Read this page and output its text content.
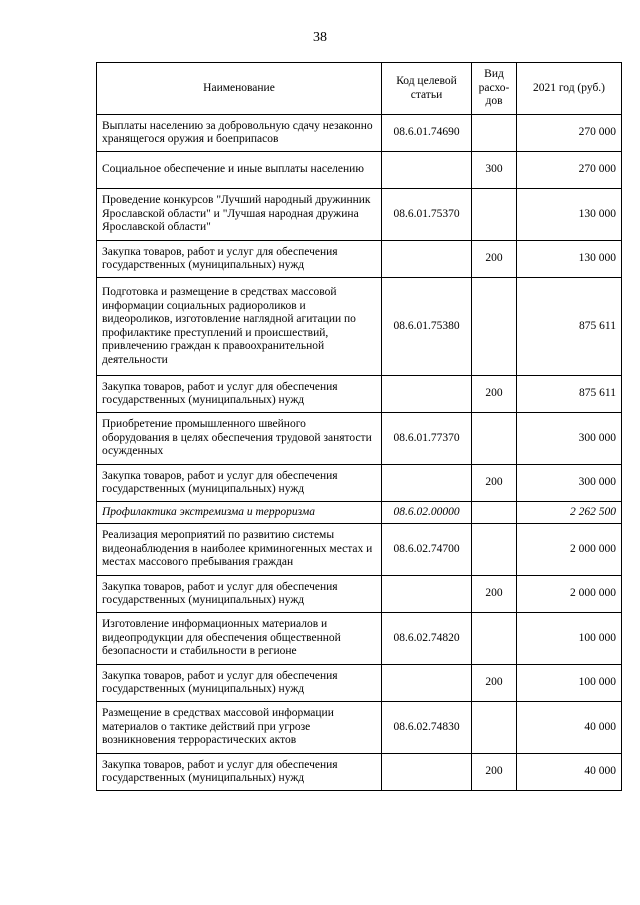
38
Наименование	Код целевой статьи	Вид расхо-дов	2021 год (руб.)
Выплаты населению за добровольную сдачу незаконно хранящегося оружия и боеприпасов	08.6.01.74690		270 000
Социальное обеспечение и иные выплаты населению		300	270 000
Проведение конкурсов "Лучший народный дружинник Ярославской области" и "Лучшая народная дружина Ярославской области"	08.6.01.75370		130 000
Закупка товаров, работ и услуг для обеспечения государственных (муниципальных) нужд		200	130 000
Подготовка и размещение в средствах массовой информации социальных радиороликов и видеороликов, изготовление наглядной агитации по профилактике преступлений и происшествий, привлечению граждан к правоохранительной деятельности	08.6.01.75380		875 611
Закупка товаров, работ и услуг для обеспечения государственных (муниципальных) нужд		200	875 611
Приобретение промышленного швейного оборудования в целях обеспечения трудовой занятости осужденных	08.6.01.77370		300 000
Закупка товаров, работ и услуг для обеспечения государственных (муниципальных) нужд		200	300 000
Профилактика экстремизма и терроризма	08.6.02.00000		2 262 500
Реализация мероприятий по развитию системы видеонаблюдения в наиболее криминогенных местах и местах массового пребывания граждан	08.6.02.74700		2 000 000
Закупка товаров, работ и услуг для обеспечения государственных (муниципальных) нужд		200	2 000 000
Изготовление информационных материалов и видеопродукции для обеспечения общественной безопасности и стабильности в регионе	08.6.02.74820		100 000
Закупка товаров, работ и услуг для обеспечения государственных (муниципальных) нужд		200	100 000
Размещение в средствах массовой информации материалов о тактике действий при угрозе возникновения террорастических актов	08.6.02.74830		40 000
Закупка товаров, работ и услуг для обеспечения государственных (муниципальных) нужд		200	40 000
